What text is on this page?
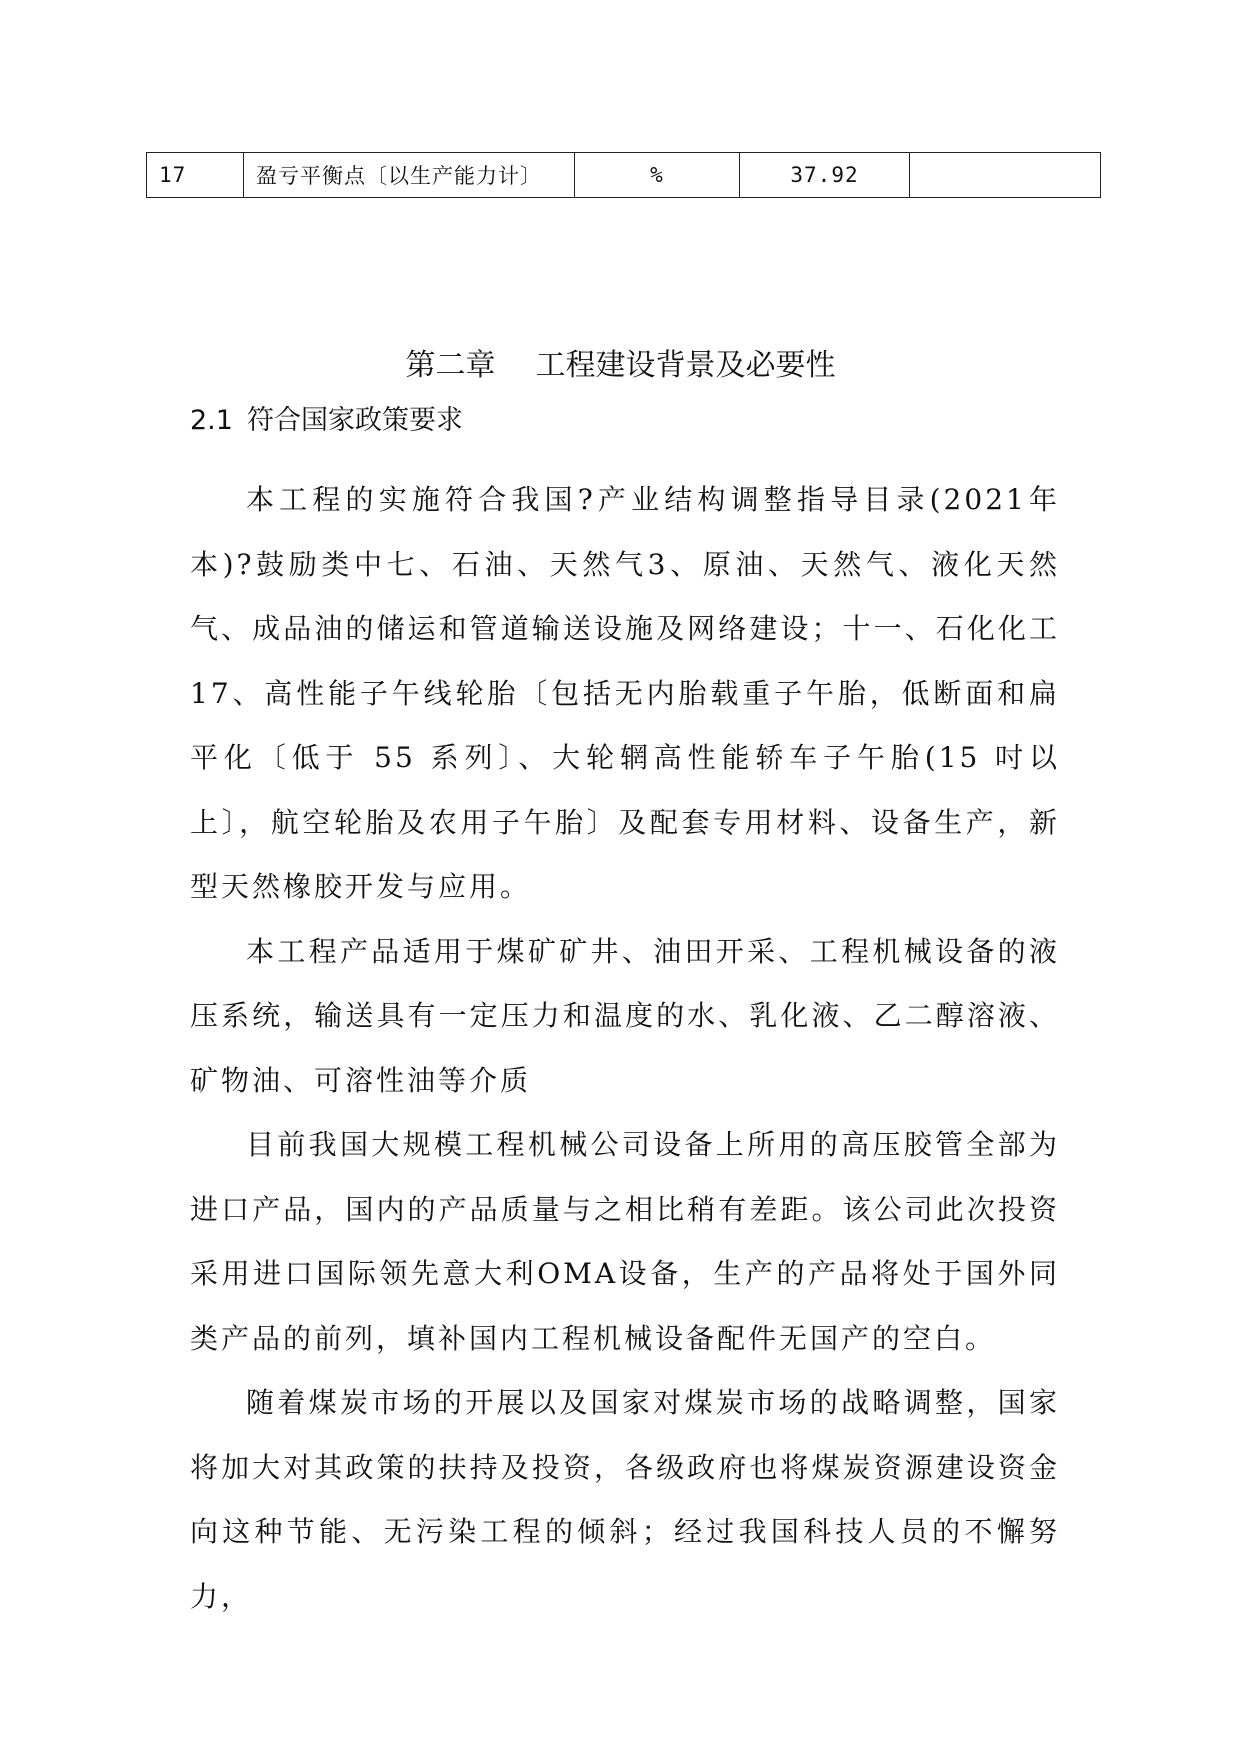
17	盈亏平衡点〔以生产能力计〕	%	37.92	
第二章 工程建设背景及必要性
2.1 符合国家政策要求

本工程的实施符合我国?产业结构调整指导目录(2021年本)?鼓励类中七、石油、天然气3、原油、天然气、液化天然气、成品油的储运和管道输送设施及网络建设；十一、石化化工17、高性能子午线轮胎〔包括无内胎载重子午胎，低断面和扁平化〔低于 55 系列〕、大轮辋高性能轿车子午胎(15 吋以上〕，航空轮胎及农用子午胎〕及配套专用材料、设备生产，新型天然橡胶开发与应用。

本工程产品适用于煤矿矿井、油田开采、工程机械设备的液压系统，输送具有一定压力和温度的水、乳化液、乙二醇溶液、矿物油、可溶性油等介质

目前我国大规模工程机械公司设备上所用的高压胶管全部为进口产品，国内的产品质量与之相比稍有差距。该公司此次投资采用进口国际领先意大利OMA设备，生产的产品将处于国外同类产品的前列，填补国内工程机械设备配件无国产的空白。

随着煤炭市场的开展以及国家对煤炭市场的战略调整，国家将加大对其政策的扶持及投资，各级政府也将煤炭资源建设资金向这种节能、无污染工程的倾斜；经过我国科技人员的不懈努力，
